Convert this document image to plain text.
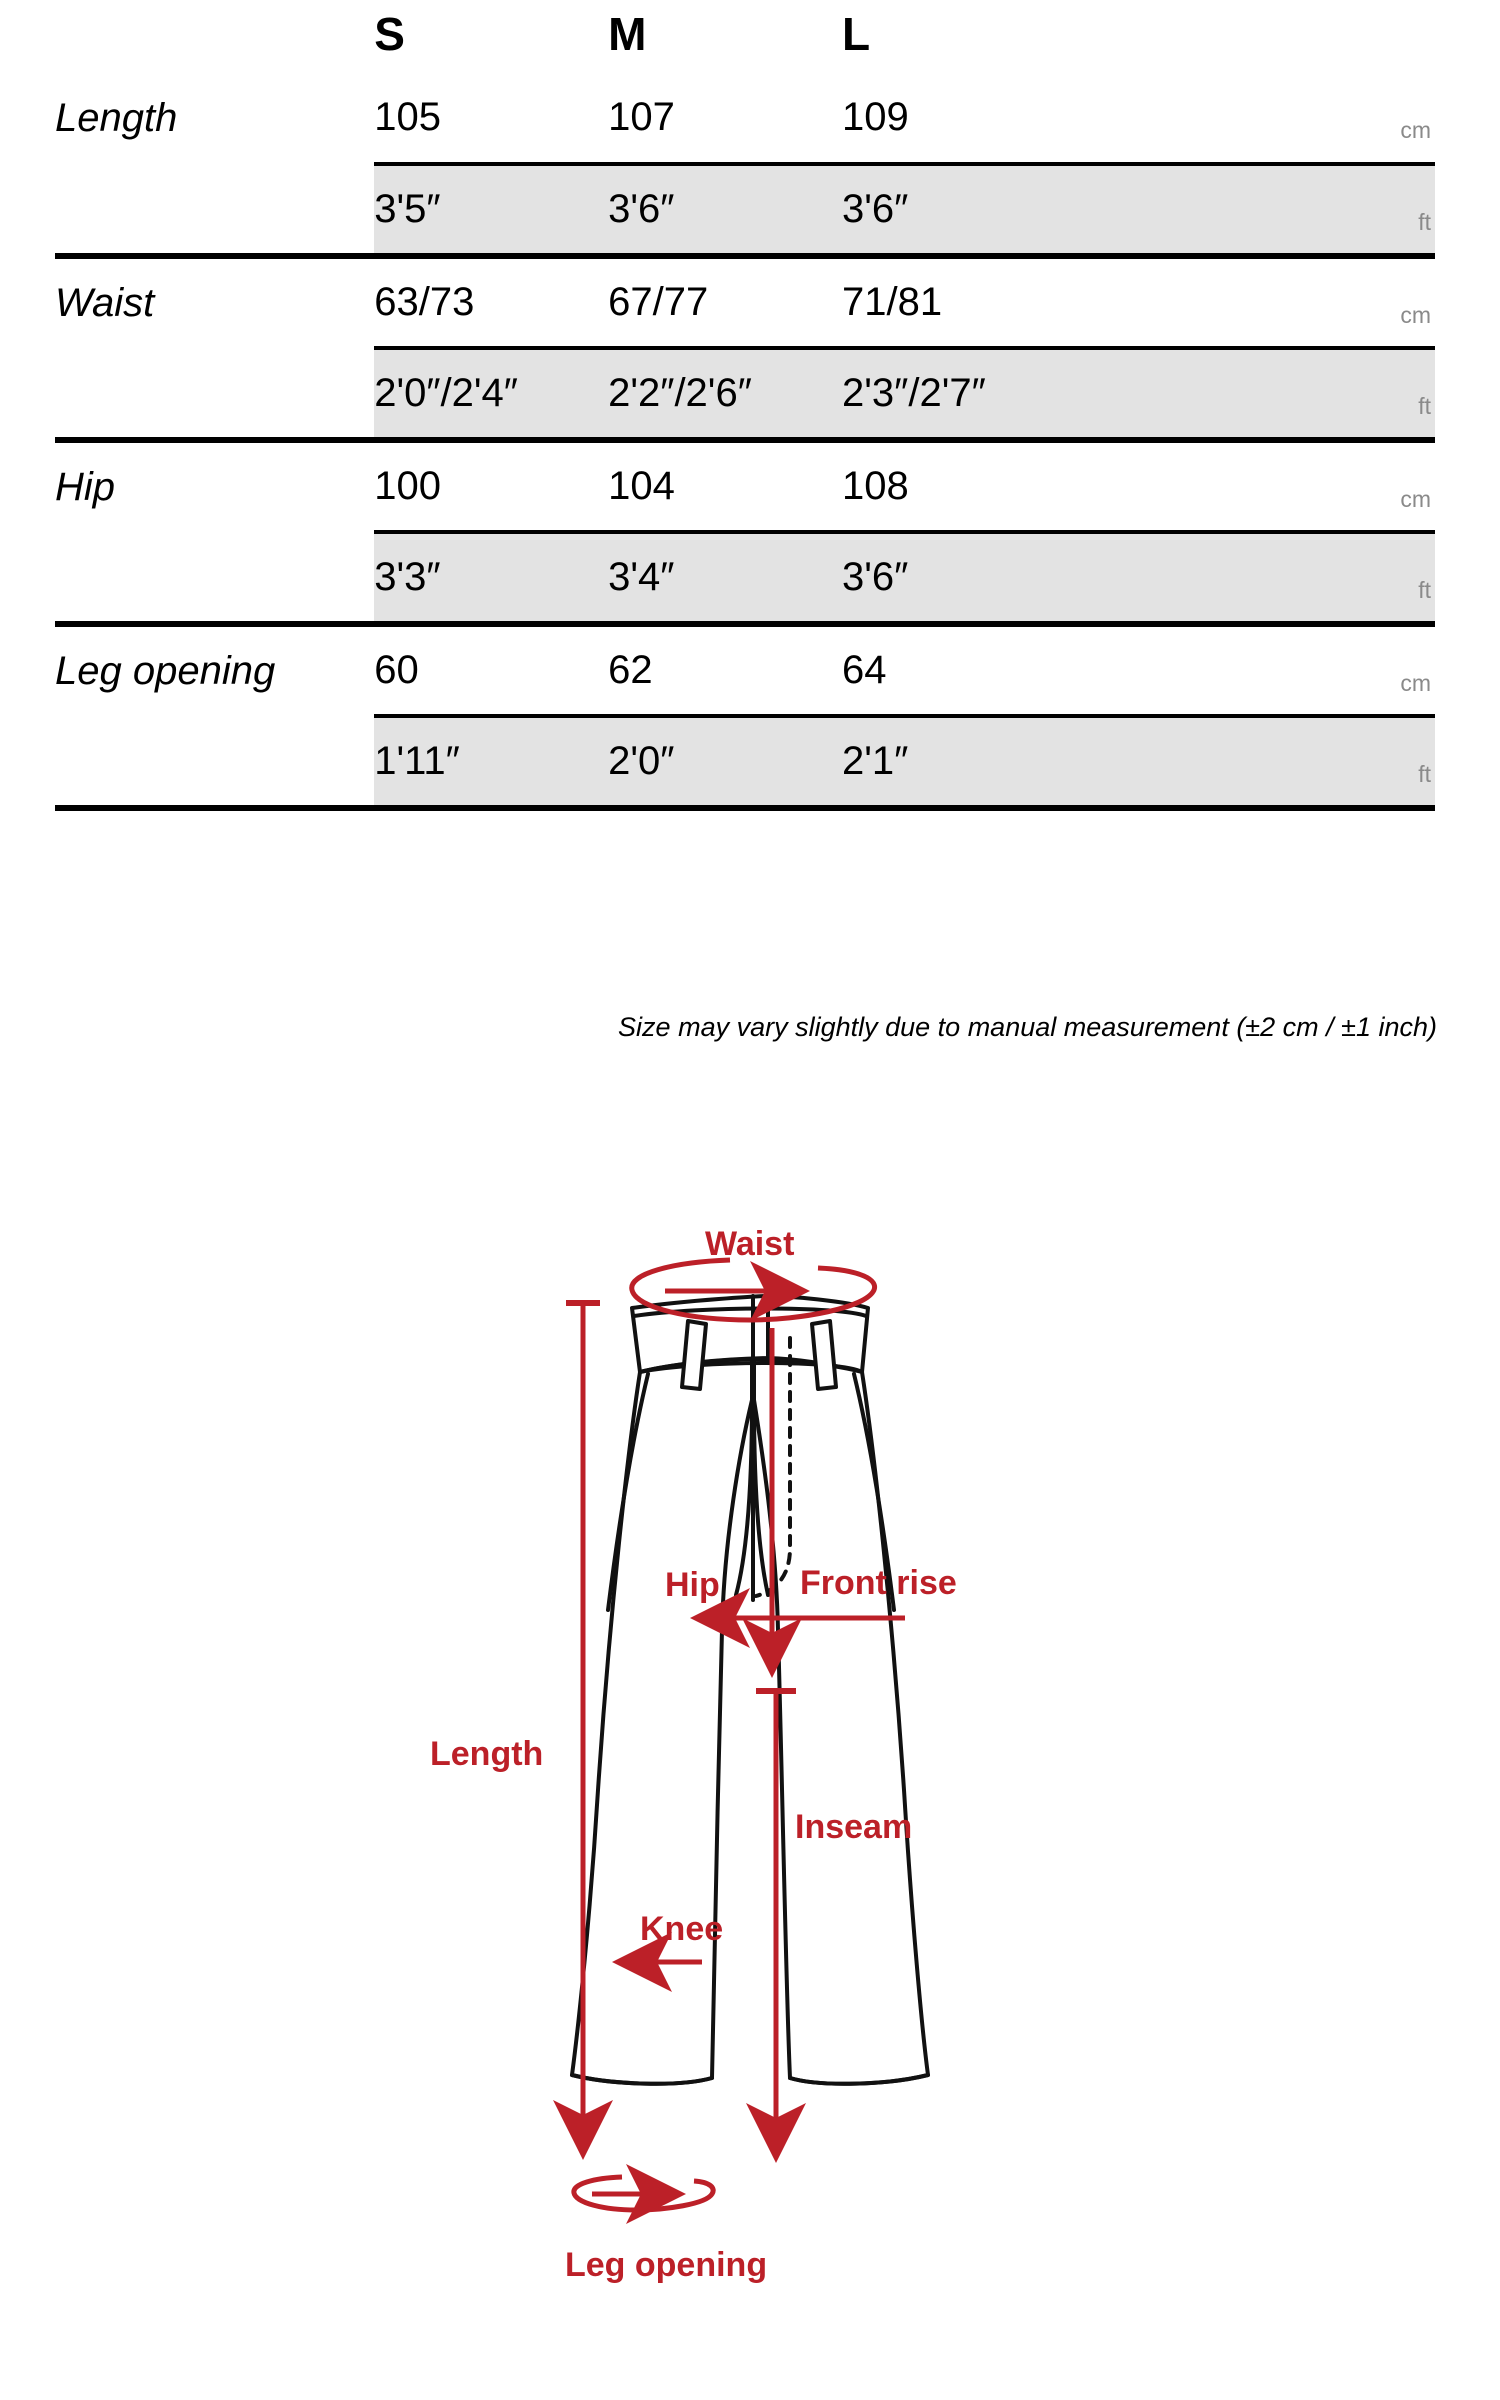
	S	M	L	
Length	105	107	109	cm

	3'5″	3'6″	3'6″	ft

Waist	63/73	67/77	71/81	cm

	2'0″/2'4″	2'2″/2'6″	2'3″/2'7″	ft

Hip	100	104	108	cm

	3'3″	3'4″	3'6″	ft

Leg opening	60	62	64	cm

	1'11″	2'0″	2'1″	ft
Size may vary slightly due to manual measurement (±2 cm / ±1 inch)
Waist
Front rise
Hip
Length
Inseam
Knee
Leg opening
